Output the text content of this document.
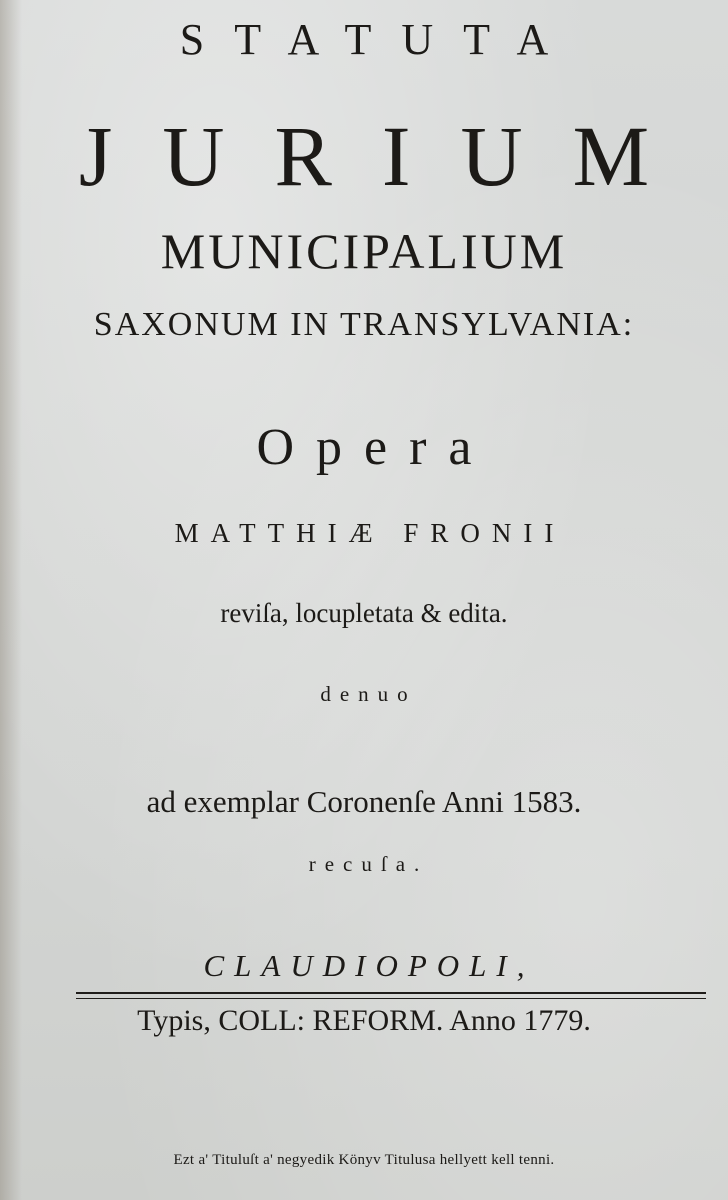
STATUTA
JURIUM
MUNICIPALIUM
SAXONUM IN TRANSYLVANIA:
Opera
MATTHIÆ FRONII
reviſa, locupletata & edita.
denuo
ad exemplar Coronenſe Anni 1583.
recuſa.
CLAUDIOPOLI,
Typis, COLL: REFORM. Anno 1779.
Ezt a' Tituluſt a' negyedik Könyv Titulusa hellyett kell tenni.
